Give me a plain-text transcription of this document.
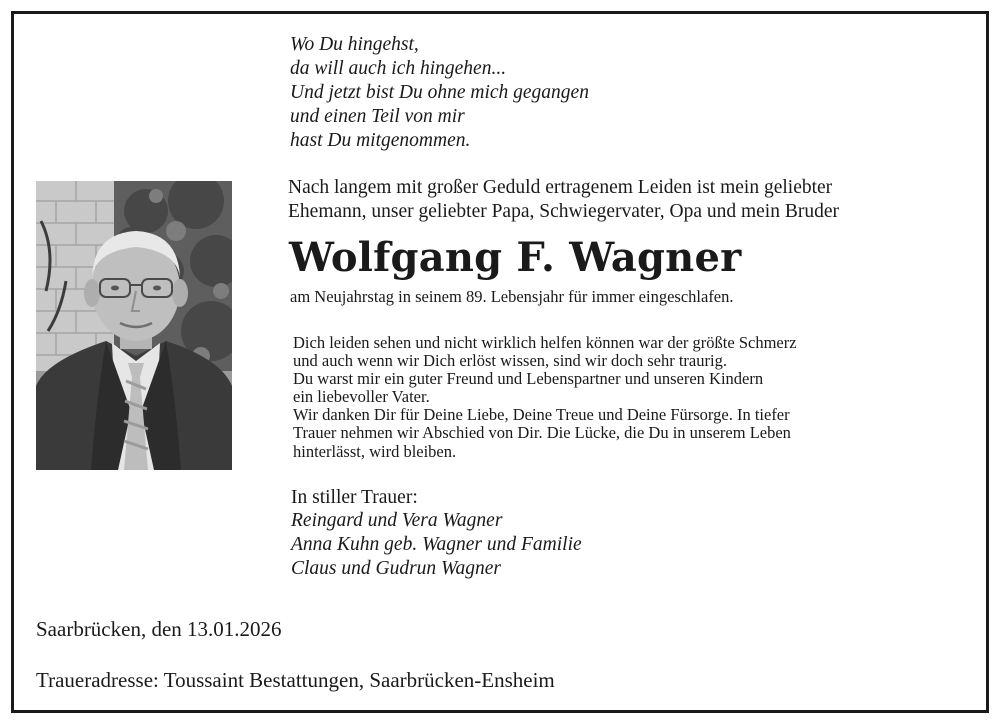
Wo Du hingehst,
da will auch ich hingehen...
Und jetzt bist Du ohne mich gegangen
und einen Teil von mir
hast Du mitgenommen.

Nach langem mit großer Geduld ertragenem Leiden ist mein geliebter
Ehemann, unser geliebter Papa, Schwiegervater, Opa und mein Bruder

Wolfgang F. Wagner

am Neujahrstag in seinem 89. Lebensjahr für immer eingeschlafen.

Dich leiden sehen und nicht wirklich helfen können war der größte Schmerz
und auch wenn wir Dich erlöst wissen, sind wir doch sehr traurig.
Du warst mir ein guter Freund und Lebenspartner und unseren Kindern
ein liebevoller Vater.
Wir danken Dir für Deine Liebe, Deine Treue und Deine Fürsorge. In tiefer
Trauer nehmen wir Abschied von Dir. Die Lücke, die Du in unserem Leben
hinterlässt, wird bleiben.

In stiller Trauer:

Reingard und Vera Wagner
Anna Kuhn geb. Wagner und Familie
Claus und Gudrun Wagner

Saarbrücken, den 13.01.2026

Traueradresse: Toussaint Bestattungen, Saarbrücken-Ensheim
